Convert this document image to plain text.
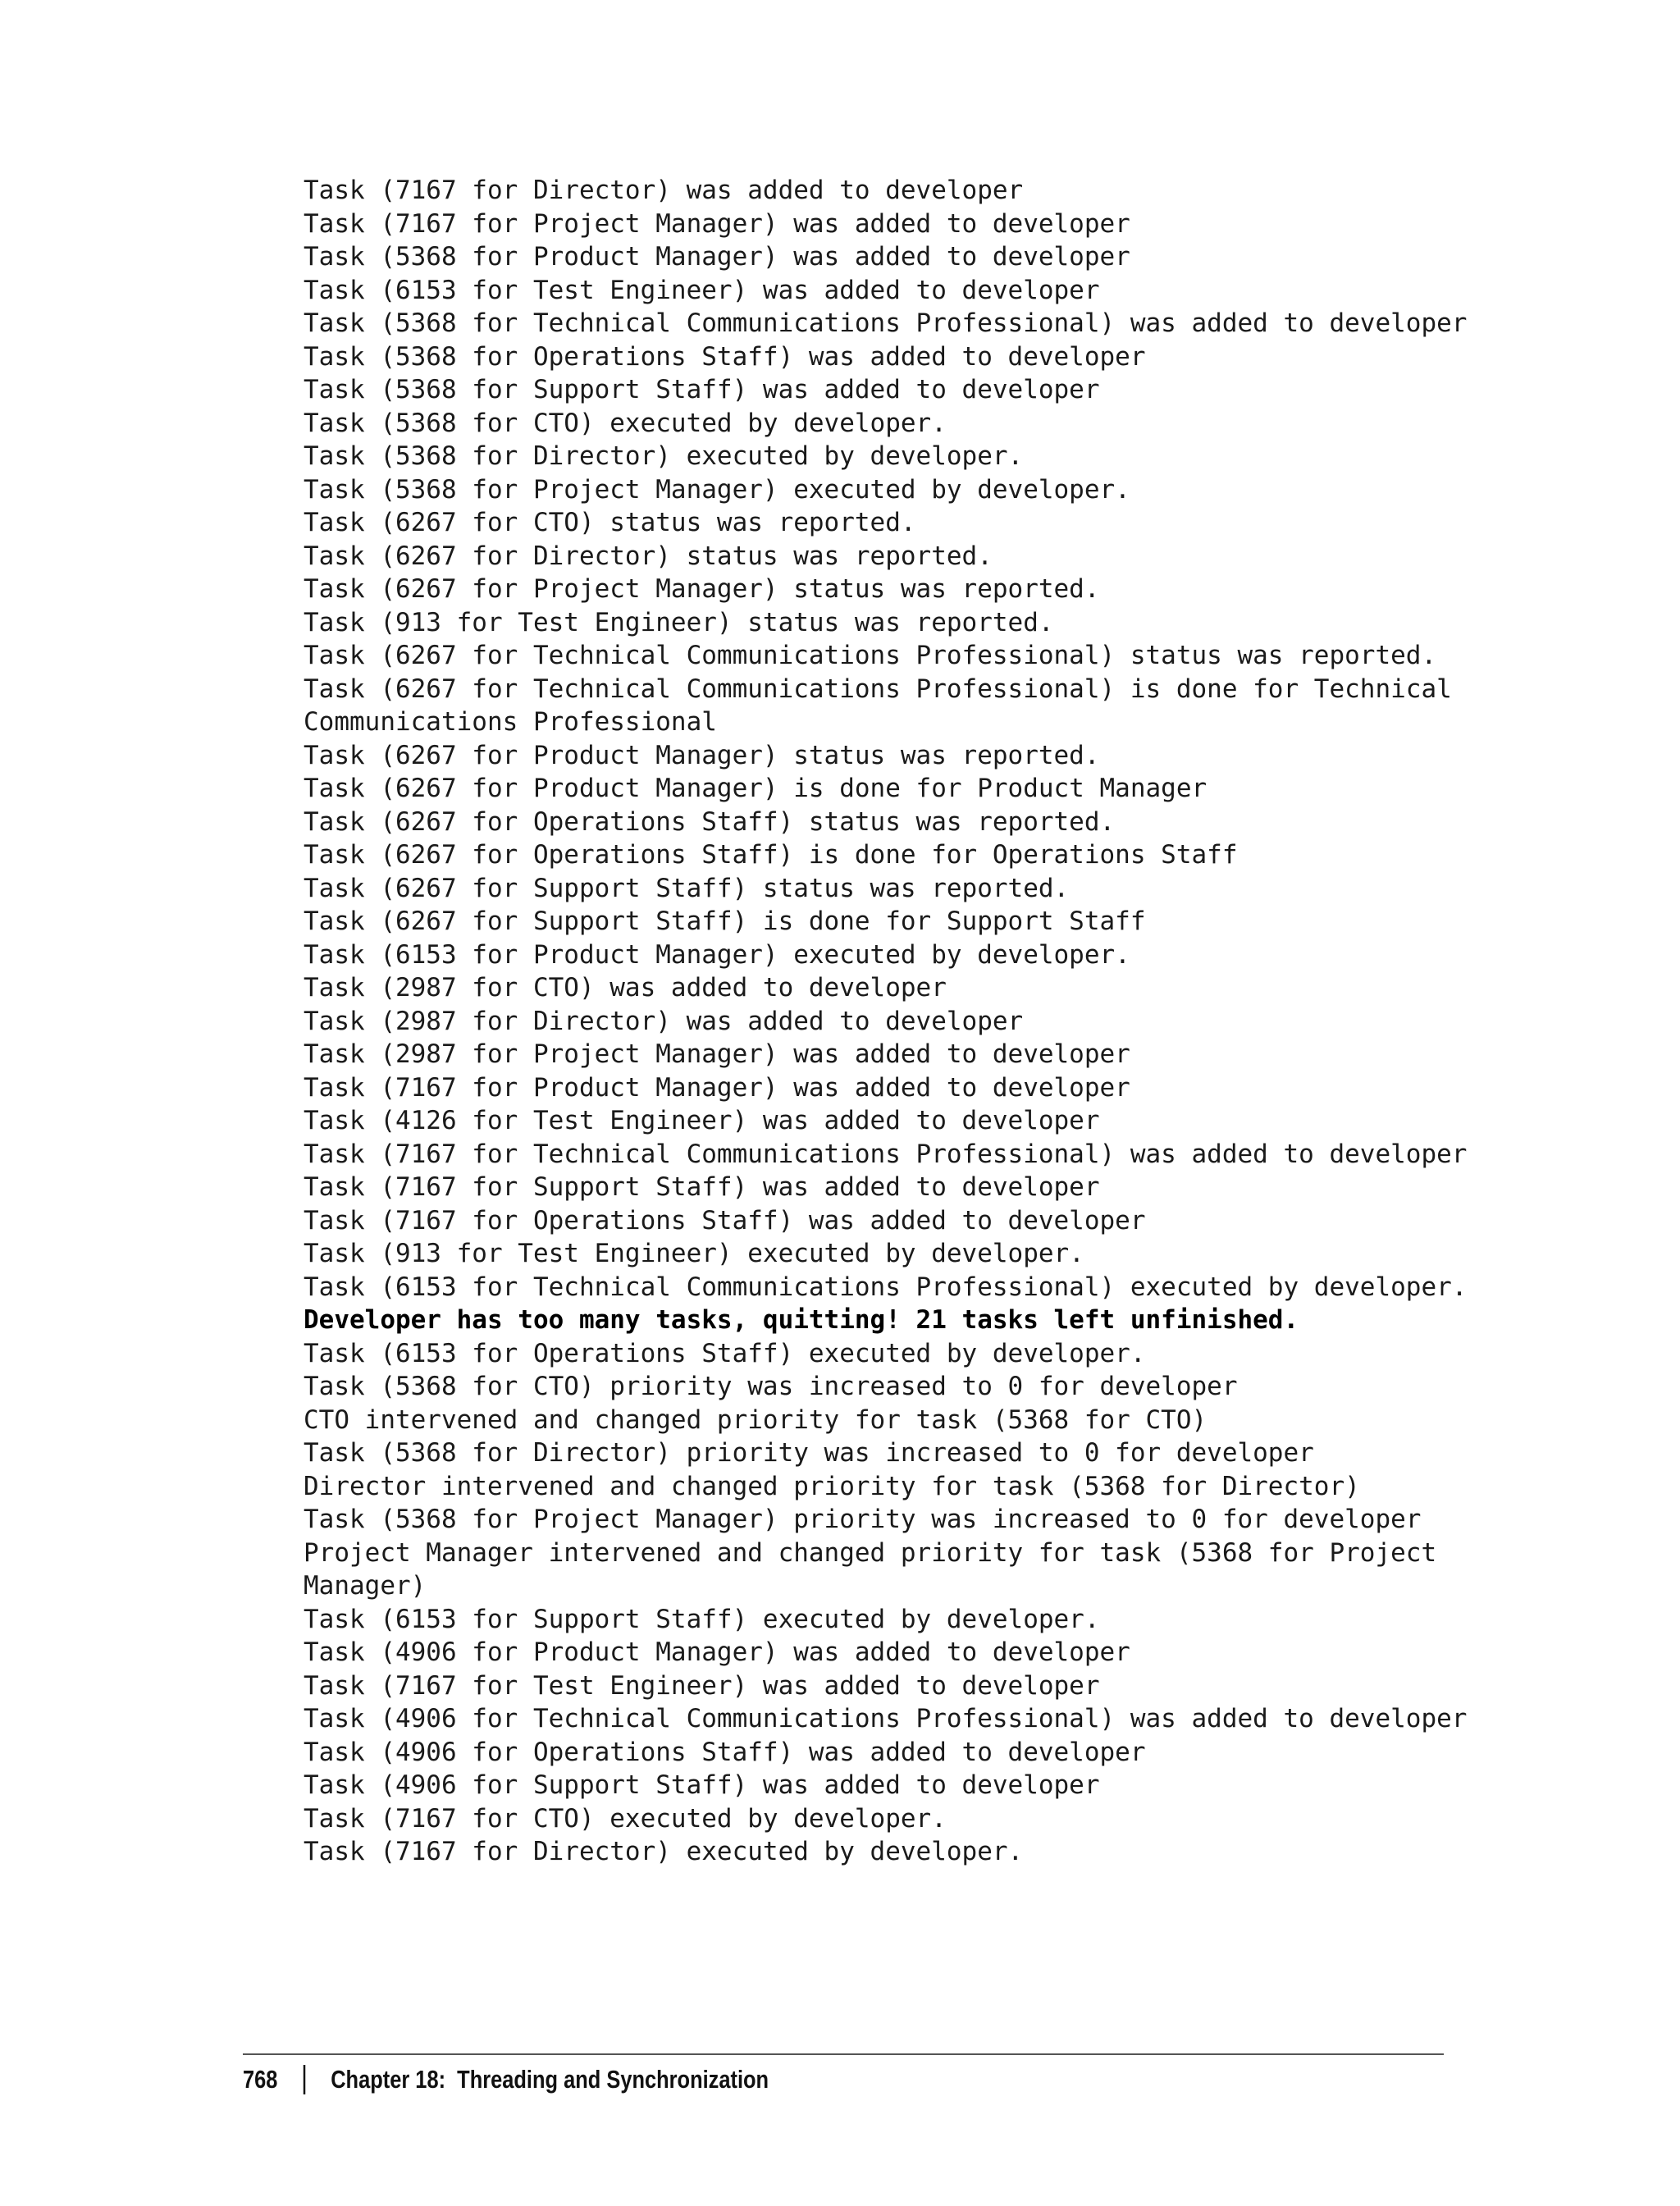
Task (7167 for Director) was added to developer
Task (7167 for Project Manager) was added to developer
Task (5368 for Product Manager) was added to developer
Task (6153 for Test Engineer) was added to developer
Task (5368 for Technical Communications Professional) was added to developer
Task (5368 for Operations Staff) was added to developer
Task (5368 for Support Staff) was added to developer
Task (5368 for CTO) executed by developer.
Task (5368 for Director) executed by developer.
Task (5368 for Project Manager) executed by developer.
Task (6267 for CTO) status was reported.
Task (6267 for Director) status was reported.
Task (6267 for Project Manager) status was reported.
Task (913 for Test Engineer) status was reported.
Task (6267 for Technical Communications Professional) status was reported.
Task (6267 for Technical Communications Professional) is done for Technical
Communications Professional
Task (6267 for Product Manager) status was reported.
Task (6267 for Product Manager) is done for Product Manager
Task (6267 for Operations Staff) status was reported.
Task (6267 for Operations Staff) is done for Operations Staff
Task (6267 for Support Staff) status was reported.
Task (6267 for Support Staff) is done for Support Staff
Task (6153 for Product Manager) executed by developer.
Task (2987 for CTO) was added to developer
Task (2987 for Director) was added to developer
Task (2987 for Project Manager) was added to developer
Task (7167 for Product Manager) was added to developer
Task (4126 for Test Engineer) was added to developer
Task (7167 for Technical Communications Professional) was added to developer
Task (7167 for Support Staff) was added to developer
Task (7167 for Operations Staff) was added to developer
Task (913 for Test Engineer) executed by developer.
Task (6153 for Technical Communications Professional) executed by developer.
Developer has too many tasks, quitting! 21 tasks left unfinished.
Task (6153 for Operations Staff) executed by developer.
Task (5368 for CTO) priority was increased to 0 for developer
CTO intervened and changed priority for task (5368 for CTO)
Task (5368 for Director) priority was increased to 0 for developer
Director intervened and changed priority for task (5368 for Director)
Task (5368 for Project Manager) priority was increased to 0 for developer
Project Manager intervened and changed priority for task (5368 for Project
Manager)
Task (6153 for Support Staff) executed by developer.
Task (4906 for Product Manager) was added to developer
Task (7167 for Test Engineer) was added to developer
Task (4906 for Technical Communications Professional) was added to developer
Task (4906 for Operations Staff) was added to developer
Task (4906 for Support Staff) was added to developer
Task (7167 for CTO) executed by developer.
Task (7167 for Director) executed by developer.
768 Chapter 18:  Threading and Synchronization
